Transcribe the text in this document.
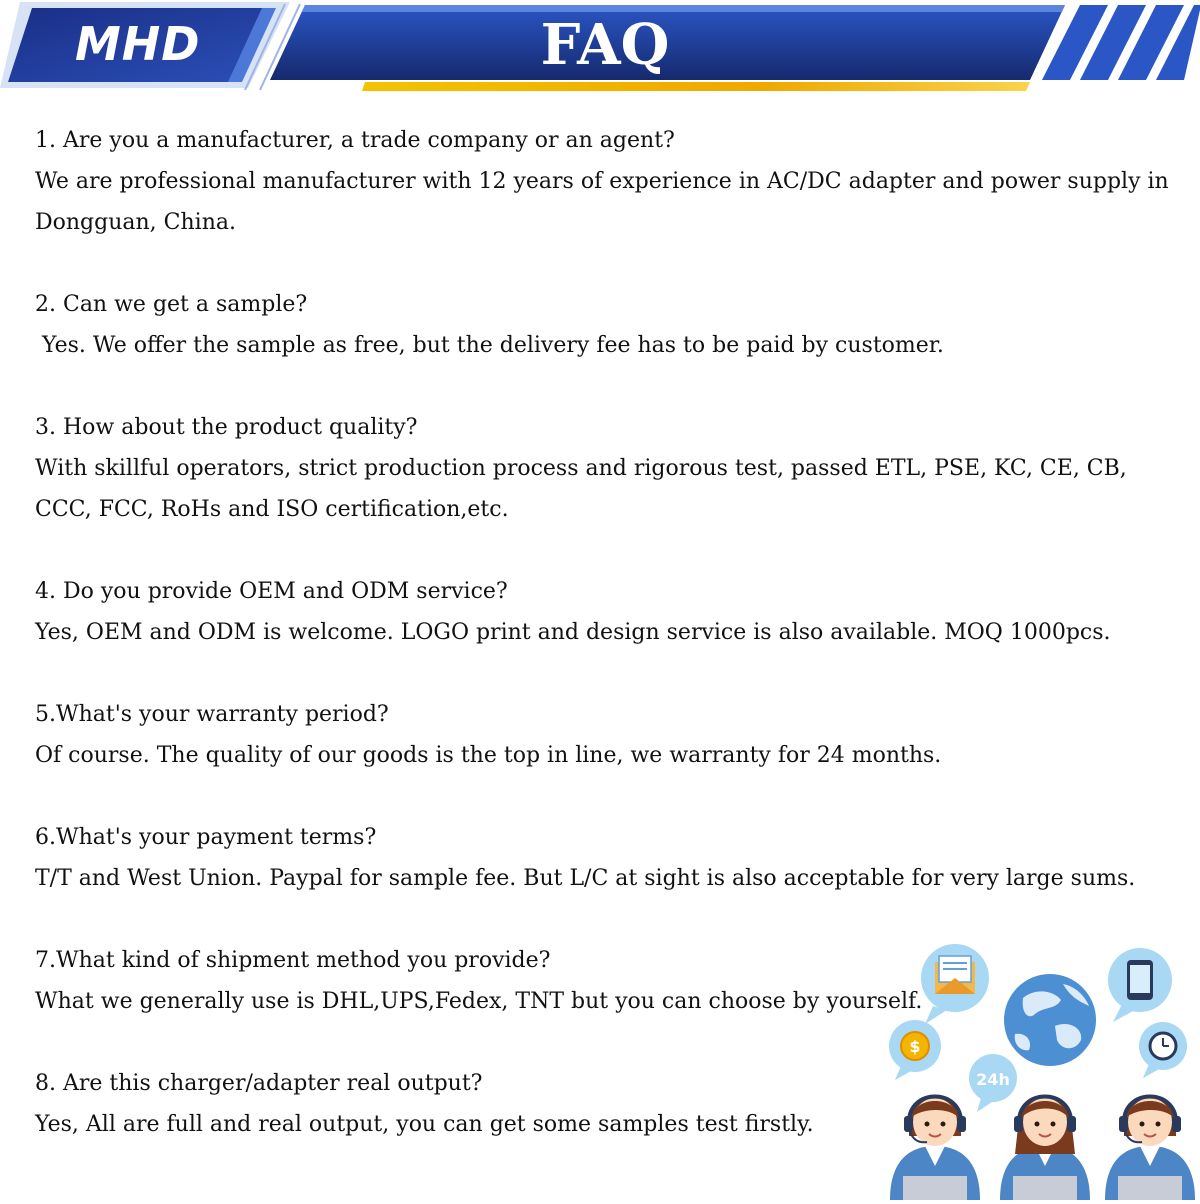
MHD	FAQ

1. Are you a manufacturer, a trade company or an agent?

We are professional manufacturer with 12 years of experience in AC/DC adapter and power supply in Dongguan, China.

2. Can we get a sample?

Yes. We offer the sample as free, but the delivery fee has to be paid by customer.

3. How about the product quality?

With skillful operators, strict production process and rigorous test, passed ETL, PSE, KC, CE, CB, CCC, FCC, RoHs and ISO certification,etc.

4. Do you provide OEM and ODM service?

Yes, OEM and ODM is welcome. LOGO print and design service is also available. MOQ 1000pcs.

5.What's your warranty period?

Of course. The quality of our goods is the top in line, we warranty for 24 months.

6.What's your payment terms?

T/T and West Union. Paypal for sample fee. But L/C at sight is also acceptable for very large sums.

7.What kind of shipment method you provide?

What we generally use is DHL,UPS,Fedex, TNT but you can choose by yourself.

8. Are this charger/adapter real output?

Yes, All are full and real output, you can get some samples test firstly.

$
24h
